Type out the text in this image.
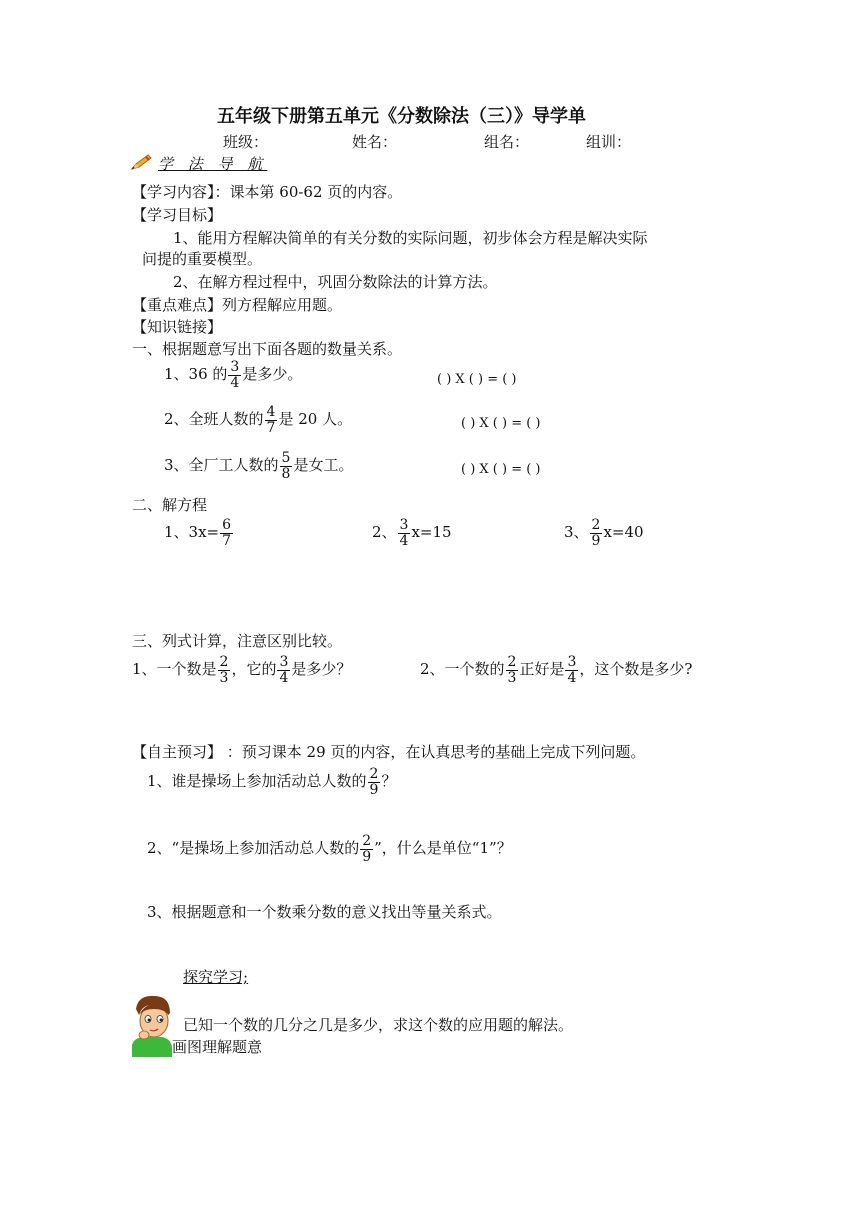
五年级下册第五单元《分数除法（三）》导学单
班级：	姓名：	组名：	组训：
学 法 导 航
【学习内容】：课本第 60-62 页的内容。
【学习目标】
1、能用方程解决简单的有关分数的实际问题，初步体会方程是解决实际
问提的重要模型。
2、在解方程过程中，巩固分数除法的计算方法。
【重点难点】列方程解应用题。
【知识链接】
一、根据题意写出下面各题的数量关系。
1、36 的 $\frac{3}{4}$ 是多少。	( ) X ( ) = ( )
2、全班人数的 $\frac{4}{7}$ 是 20 人。	( ) X ( ) = ( )
3、全厂工人数的 $\frac{5}{8}$ 是女工。	( ) X ( ) = ( )
二、解方程
1、$3x= \frac{6}{7}$	2、 $\frac{3}{4} x=15$	3、 $\frac{2}{9} x=40$
三、列式计算，注意区别比较。
1、一个数是 $\frac{2}{3}$ ，它的 $\frac{3}{4}$ 是多少？	2、一个数的 $\frac{2}{3}$ 正好是 $\frac{3}{4}$ ，这个数是多少?
【自主预习】 ：预习课本 29 页的内容，在认真思考的基础上完成下列问题。
1、谁是操场上参加活动总人数的 $\frac{2}{9}$ ？
2、“是操场上参加活动总人数的 $\frac{2}{9}$ ”，什么是单位“1”？
3、根据题意和一个数乘分数的意义找出等量关系式。
探究学习;
已知一个数的几分之几是多少，求这个数的应用题的解法。
画图理解题意
